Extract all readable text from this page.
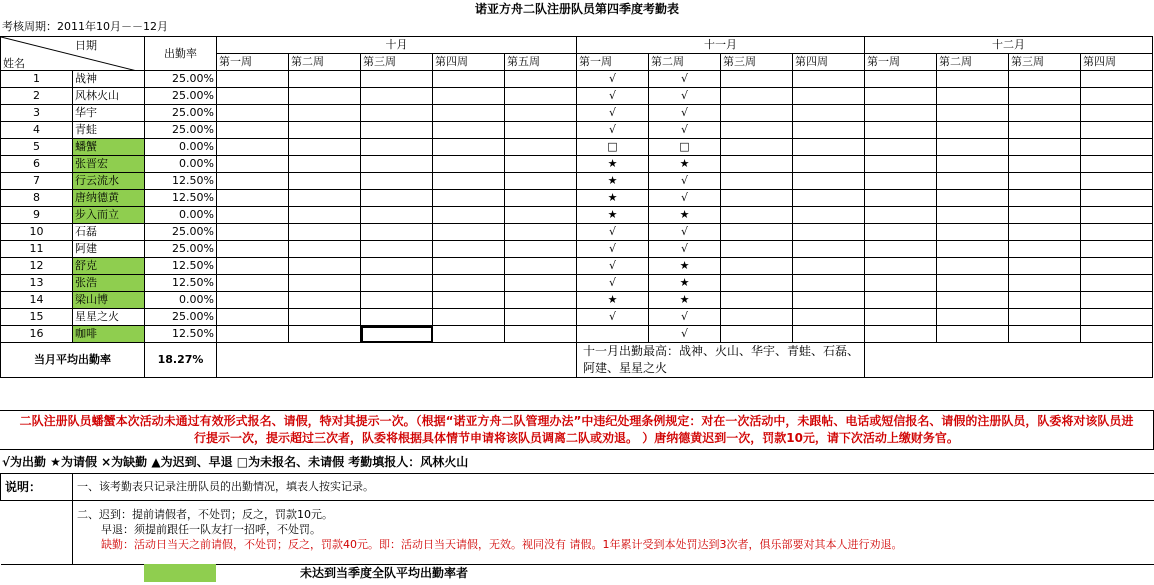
诺亚方舟二队注册队员第四季度考勤表
考核周期：2011年10月－－12月
日期
姓名		出勤率	十月					十一月				十二月			
			第一周	第二周	第三周	第四周	第五周	第一周	第二周	第三周	第四周	第一周	第二周	第三周	第四周
1	战神	25.00%						√	√						
2	风林火山	25.00%						√	√						
3	华宇	25.00%						√	√						
4	青蛙	25.00%						√	√						
5	蟠蟹	0.00%						□	□						
6	张晋宏	0.00%						★	★						
7	行云流水	12.50%						★	√						
8	唐纳德黄	12.50%						★	√						
9	步入而立	0.00%						★	★						
10	石磊	25.00%						√	√						
11	阿建	25.00%						√	√						
12	舒克	12.50%						√	★						
13	张浩	12.50%						√	★						
14	梁山博	0.00%						★	★						
15	星星之火	25.00%						√	√						
16	咖啡	12.50%							√						
当月平均出勤率		18.27%						十一月出勤最高：战神、火山、华宇、青蛙、石磊、阿建、星星之火							
二队注册队员蟠蟹本次活动未通过有效形式报名、请假，特对其提示一次。（根据“诺亚方舟二队管理办法”中违纪处理条例规定：对在一次活动中，未跟帖、电话或短信报名、请假的注册队员，队委将对该队员进行提示一次，提示超过三次者，队委将根据具体情节申请将该队员调离二队或劝退。 ）唐纳德黄迟到一次，罚款10元，请下次活动上缴财务官。
√为出勤 ★为请假 ×为缺勤 ▲为迟到、早退 □为未报名、未请假 考勤填报人：风林火山
说明：	一、该考勤表只记录注册队员的出勤情况，填表人按实记录。

	二、迟到：提前请假者，不处罚；反之，罚款10元。
早退：须提前跟任一队友打一招呼，不处罚。
缺勤：活动日当天之前请假，不处罚；反之，罚款40元。即：活动日当天请假，无效。视同没有 请假。1年累计受到本处罚达到3次者，俱乐部要对其本人进行劝退。
未达到当季度全队平均出勤率者
